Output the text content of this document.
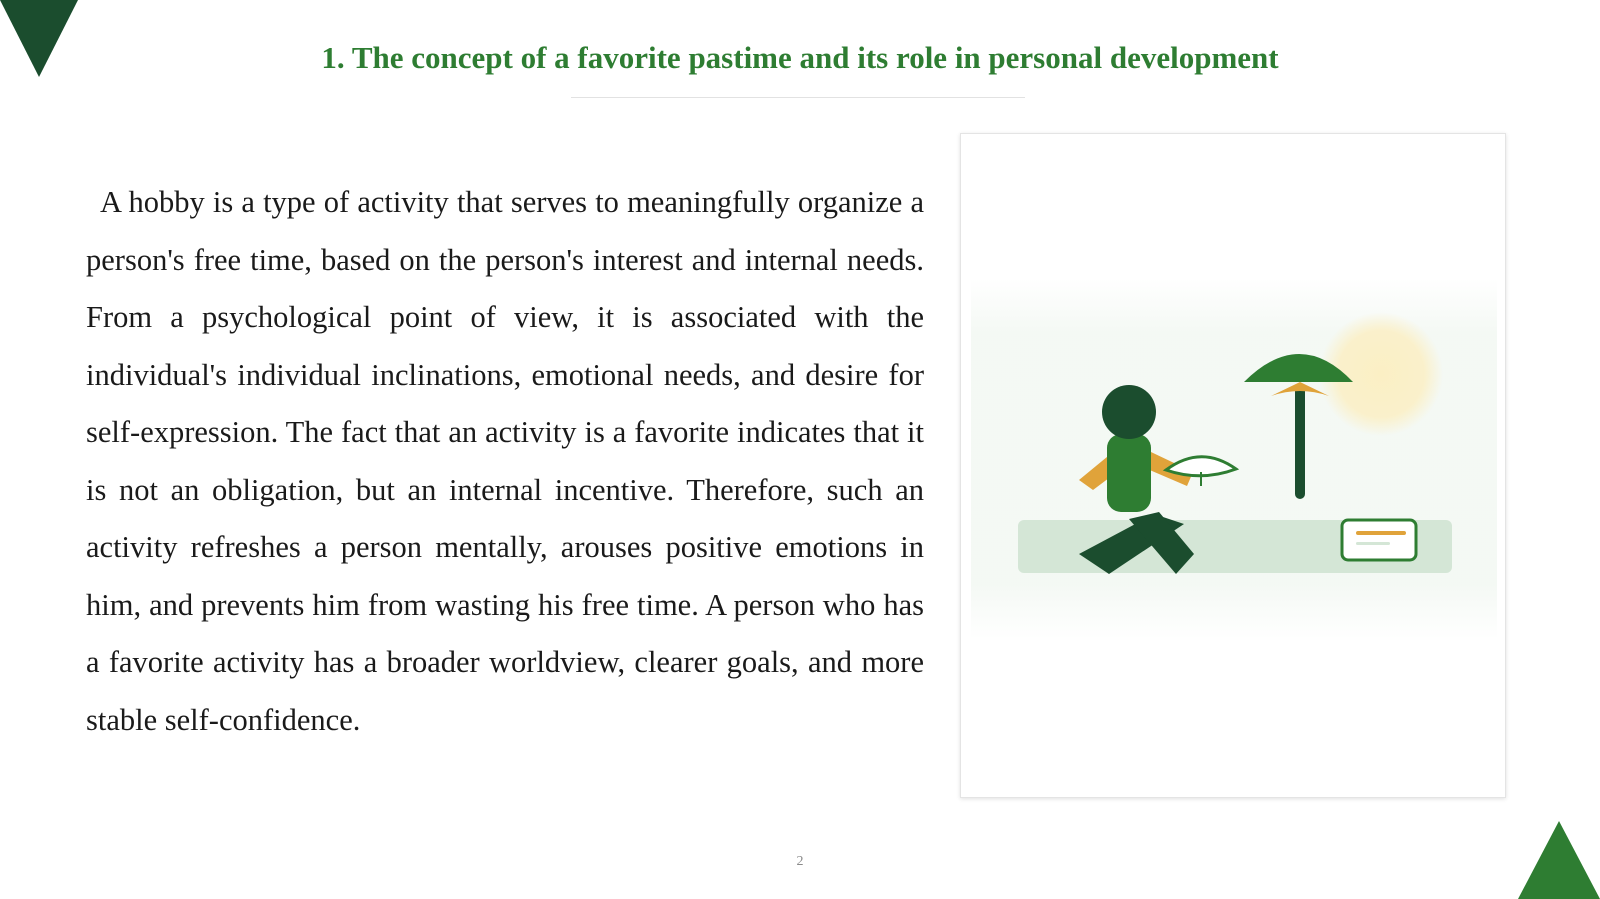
1. The concept of a favorite pastime and its role in personal development

A hobby is a type of activity that serves to meaningfully organize a person's free time, based on the person's interest and internal needs. From a psychological point of view, it is associated with the individual's individual inclinations, emotional needs, and desire for self-expression. The fact that an activity is a favorite indicates that it is not an obligation, but an internal incentive. Therefore, such an activity refreshes a person mentally, arouses positive emotions in him, and prevents him from wasting his free time. A person who has a favorite activity has a broader worldview, clearer goals, and more stable self-confidence.

2
